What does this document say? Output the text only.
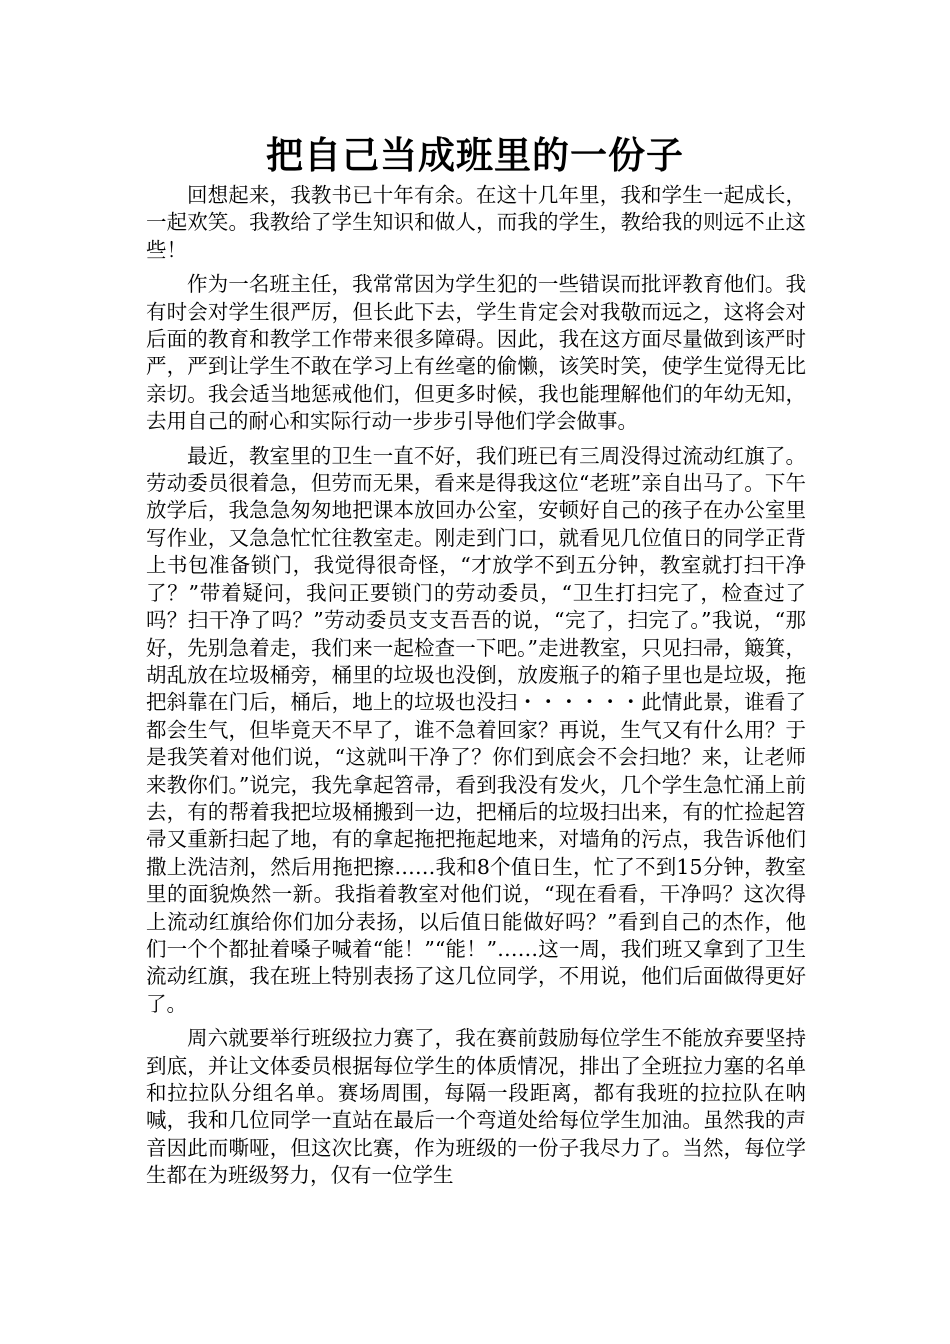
把自己当成班里的一份子

回想起来，我教书已十年有余。在这十几年里，我和学生一起成长，一起欢笑。我教给了学生知识和做人，而我的学生，教给我的则远不止这些！

作为一名班主任，我常常因为学生犯的一些错误而批评教育他们。我有时会对学生很严厉，但长此下去，学生肯定会对我敬而远之，这将会对后面的教育和教学工作带来很多障碍。因此，我在这方面尽量做到该严时严，严到让学生不敢在学习上有丝毫的偷懒，该笑时笑，使学生觉得无比亲切。我会适当地惩戒他们，但更多时候，我也能理解他们的年幼无知，去用自己的耐心和实际行动一步步引导他们学会做事。

最近，教室里的卫生一直不好，我们班已有三周没得过流动红旗了。劳动委员很着急，但劳而无果，看来是得我这位“老班”亲自出马了。下午放学后，我急急匆匆地把课本放回办公室，安顿好自己的孩子在办公室里写作业，又急急忙忙往教室走。刚走到门口，就看见几位值日的同学正背上书包准备锁门，我觉得很奇怪，“才放学不到五分钟，教室就打扫干净了？”带着疑问，我问正要锁门的劳动委员，“卫生打扫完了，检查过了吗？扫干净了吗？”劳动委员支支吾吾的说，“完了，扫完了。”我说，“那好，先别急着走，我们来一起检查一下吧。”走进教室，只见扫帚，簸箕，胡乱放在垃圾桶旁，桶里的垃圾也没倒，放废瓶子的箱子里也是垃圾，拖把斜靠在门后，桶后，地上的垃圾也没扫・・・・・・此情此景，谁看了都会生气，但毕竟天不早了，谁不急着回家？再说，生气又有什么用？于是我笑着对他们说，“这就叫干净了？你们到底会不会扫地？来，让老师来教你们。”说完，我先拿起笤帚，看到我没有发火，几个学生急忙涌上前去，有的帮着我把垃圾桶搬到一边，把桶后的垃圾扫出来，有的忙捡起笤帚又重新扫起了地，有的拿起拖把拖起地来，对墙角的污点，我告诉他们撒上洗洁剂，然后用拖把擦……我和8个值日生，忙了不到15分钟，教室里的面貌焕然一新。我指着教室对他们说，“现在看看，干净吗？这次得上流动红旗给你们加分表扬，以后值日能做好吗？”看到自己的杰作，他们一个个都扯着嗓子喊着“能！”“能！”……这一周，我们班又拿到了卫生流动红旗，我在班上特别表扬了这几位同学，不用说，他们后面做得更好了。

周六就要举行班级拉力赛了，我在赛前鼓励每位学生不能放弃要坚持到底，并让文体委员根据每位学生的体质情况，排出了全班拉力塞的名单和拉拉队分组名单。赛场周围，每隔一段距离，都有我班的拉拉队在呐喊，我和几位同学一直站在最后一个弯道处给每位学生加油。虽然我的声音因此而嘶哑，但这次比赛，作为班级的一份子我尽力了。当然，每位学生都在为班级努力，仅有一位学生
